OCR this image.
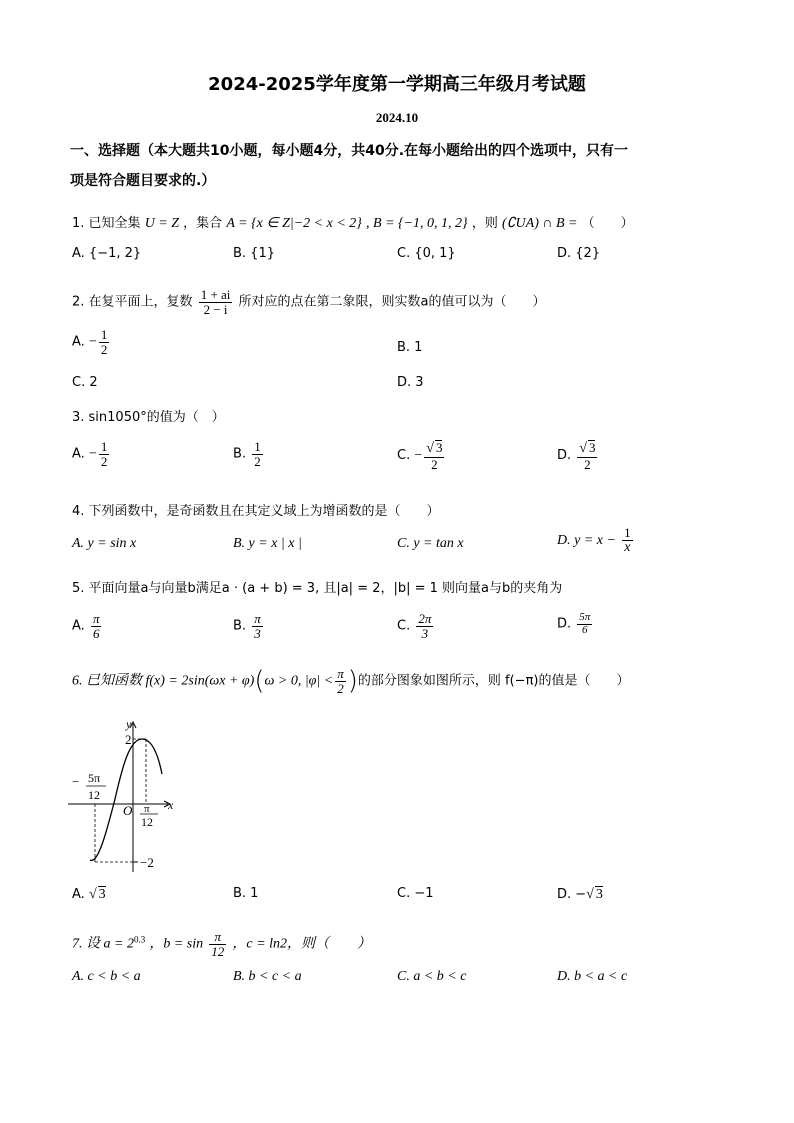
2024-2025学年度第一学期高三年级月考试题
2024.10
一、选择题（本大题共10小题，每小题4分，共40分.在每小题给出的四个选项中，只有一
项是符合题目要求的.）
1. 已知全集 U = Z ，集合 A = {x ∈ Z|−2 < x < 2} , B = {−1, 0, 1, 2} ，则 (∁UA) ∩ B = （　　）
A. {−1, 2}	B. {1}	C. {0, 1}	D. {2}
2. 在复平面上，复数 $\frac{1 + ai}{2 - i}$ 所对应的点在第二象限，则实数a的值可以为（　　）
A. − $\frac{1}{2}$	B. 1
C. 2	D. 3
3. sin1050°的值为（　）
A. − $\frac{1}{2}$	B. $\frac{1}{2}$	C. − $\frac{√ 3}{2}$	D. $\frac{√ 3}{2}$
4. 下列函数中，是奇函数且在其定义域上为增函数的是（　　）
A. y = sin x	B. y = x | x |	C. y = tan x	D. $y = x - \frac{1}{x}$
5. 平面向量a与向量b满足a · (a + b) = 3, 且|a| = 2，|b| = 1 则向量a与b的夹角为
A. $\frac{\pi}{6}$	B. $\frac{\pi}{3}$	C. $\frac{2\pi}{3}$	D. $\frac{5\pi}{6}$
6. 已知函数 f(x) = 2sin(ωx + φ)(ω > 0, $|\varphi| < \frac{\pi}{2}$ )的部分图象如图所示，则 f(−π)的值是（　　）
y
x
O
2
−2
− 5π
12
π
12
A. √ 3	B. 1	C. −1	D. −√ 3
7. 设 $a = 2^{0.3}$ ，$b = \sin \frac{\pi}{12}$ ，c = ln2，则（　　）
A. c < b < a	B. b < c < a	C. a < b < c	D. b < a < c
